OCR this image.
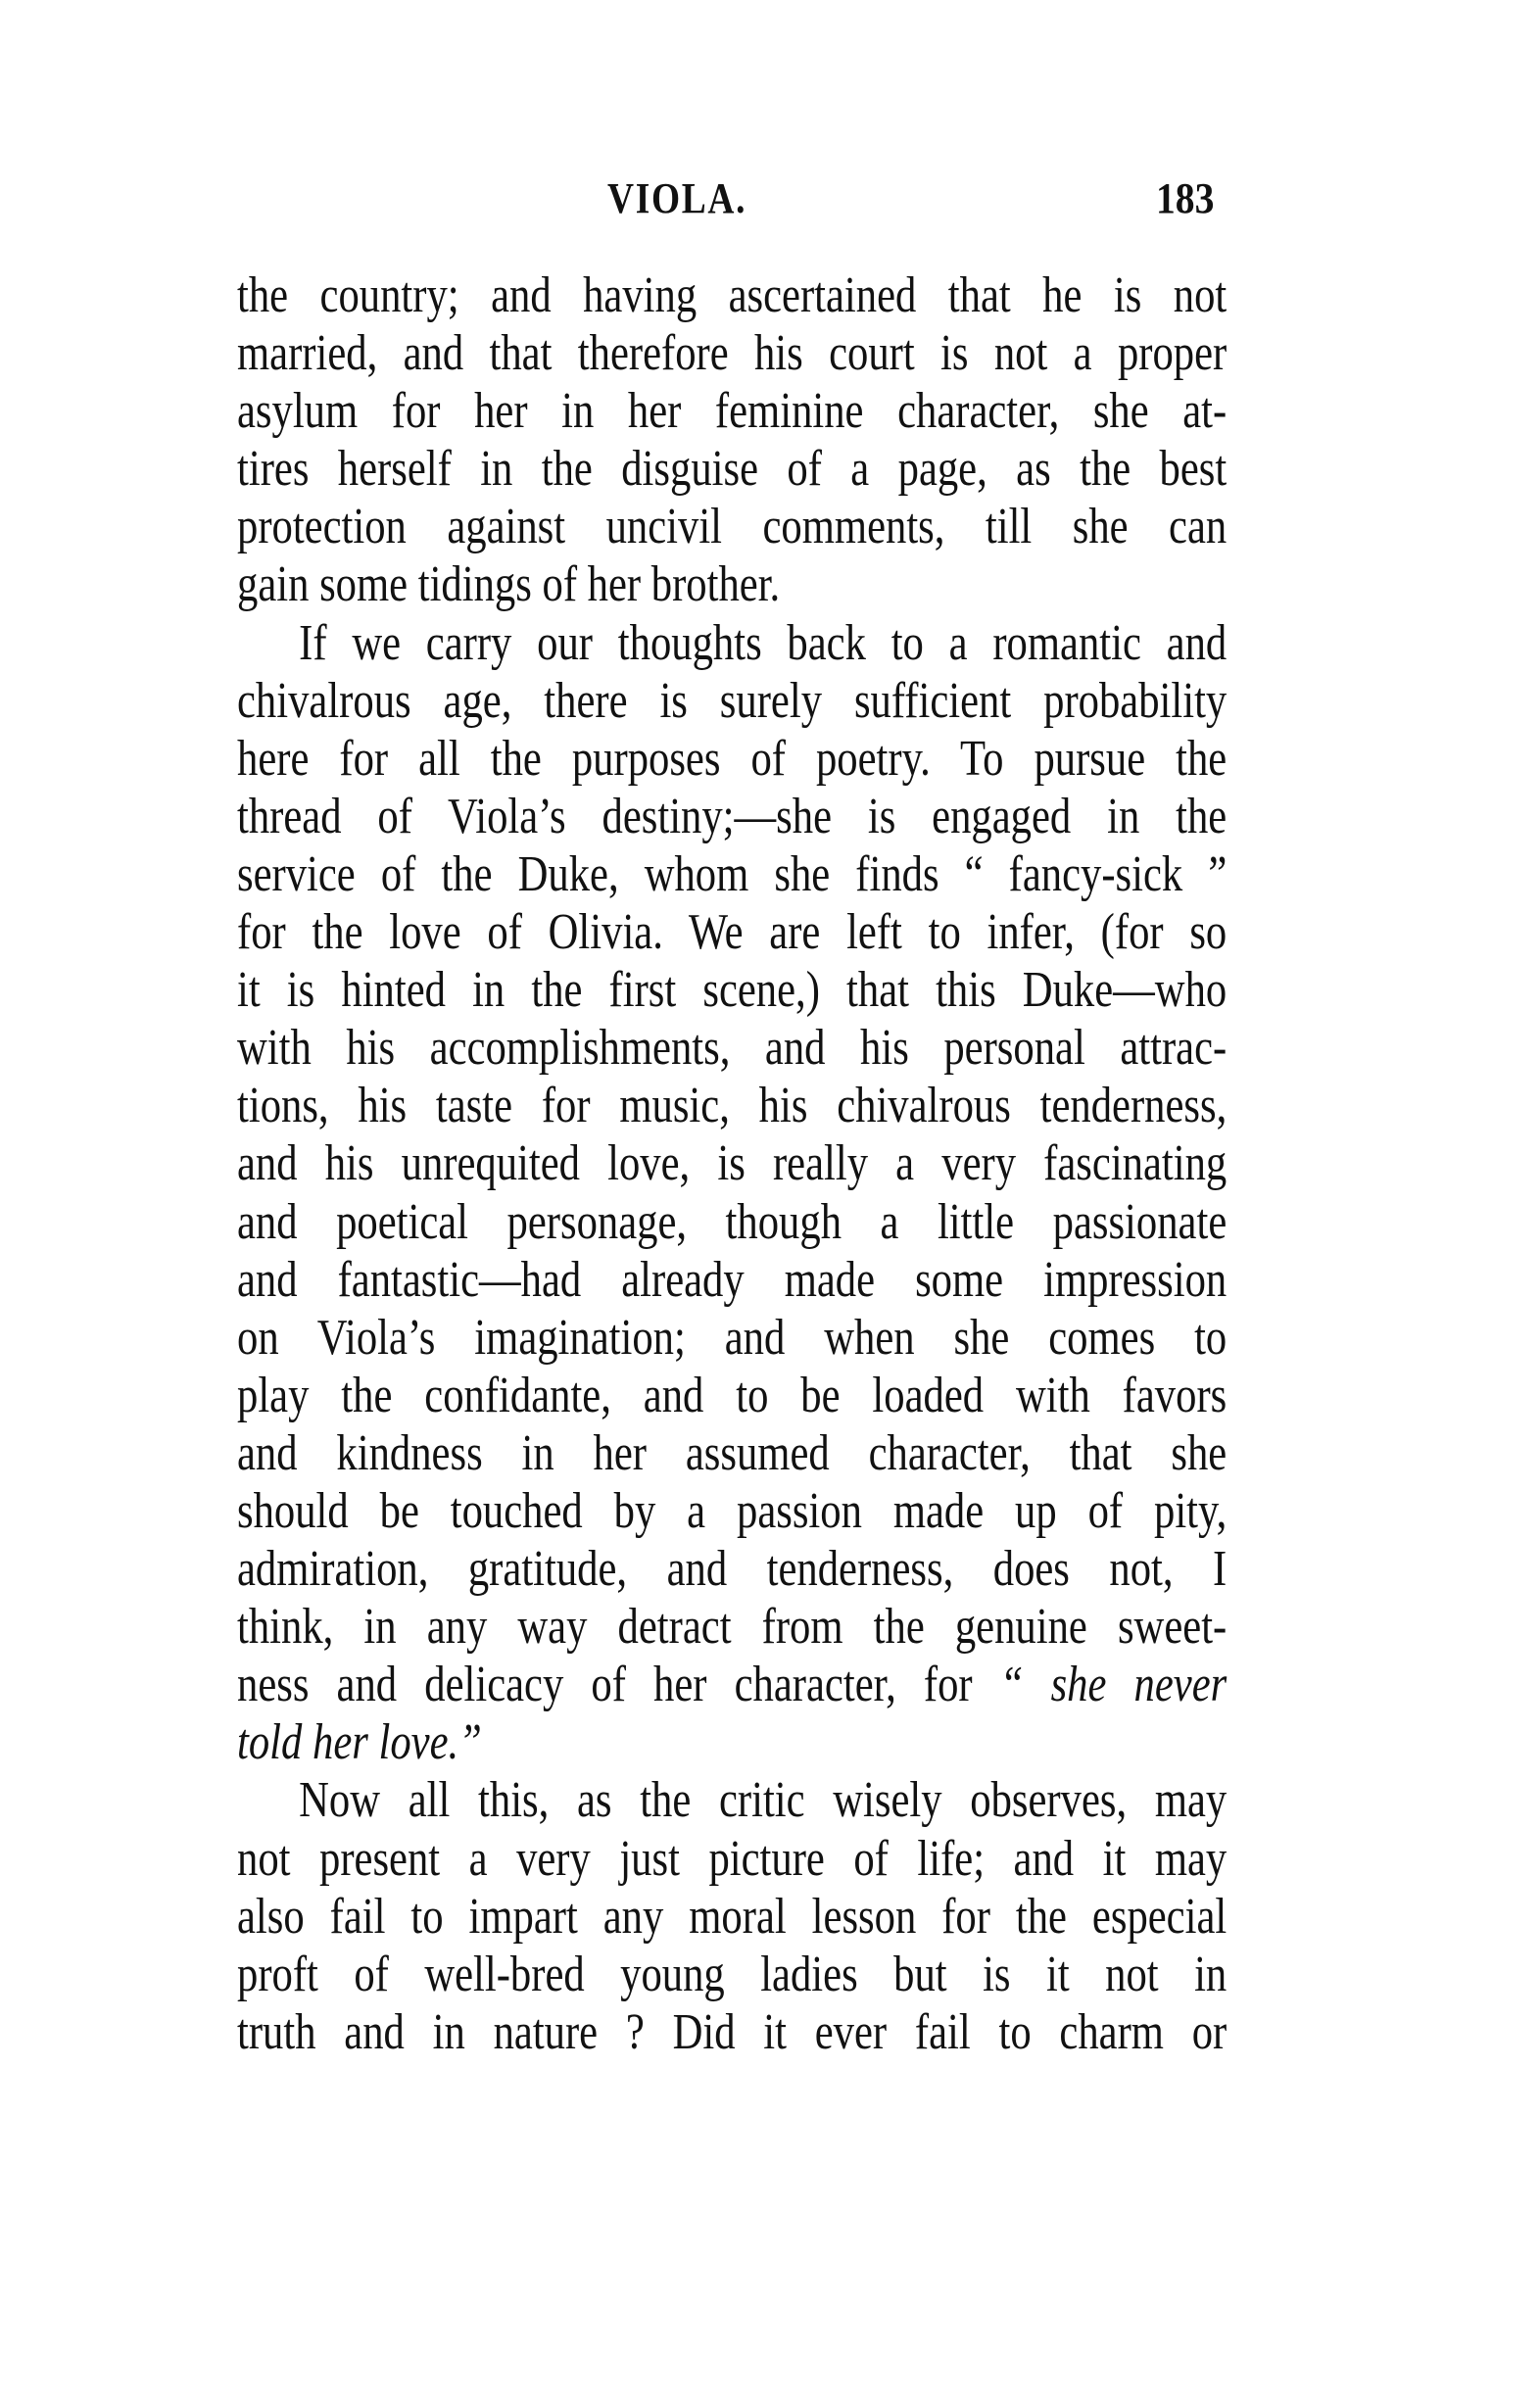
VIOLA.	183
the country; and having ascertained that he is not
married, and that therefore his court is not a proper
asylum for her in her feminine character, she at-
tires herself in the disguise of a page, as the best
protection against uncivil comments, till she can
gain some tidings of her brother.
If we carry our thoughts back to a romantic and
chivalrous age, there is surely sufficient probability
here for all the purposes of poetry. To pursue the
thread of Viola’s destiny;—she is engaged in the
service of the Duke, whom she finds “ fancy-sick ”
for the love of Olivia. We are left to infer, (for so
it is hinted in the first scene,) that this Duke—who
with his accomplishments, and his personal attrac-
tions, his taste for music, his chivalrous tenderness,
and his unrequited love, is really a very fascinating
and poetical personage, though a little passionate
and fantastic—had already made some impression
on Viola’s imagination; and when she comes to
play the confidante, and to be loaded with favors
and kindness in her assumed character, that she
should be touched by a passion made up of pity,
admiration, gratitude, and tenderness, does not, I
think, in any way detract from the genuine sweet-
ness and delicacy of her character, for “ she never
told her love.”
Now all this, as the critic wisely observes, may
not present a very just picture of life; and it may
also fail to impart any moral lesson for the especial
proft of well-bred young ladies but is it not in
truth and in nature ? Did it ever fail to charm or
